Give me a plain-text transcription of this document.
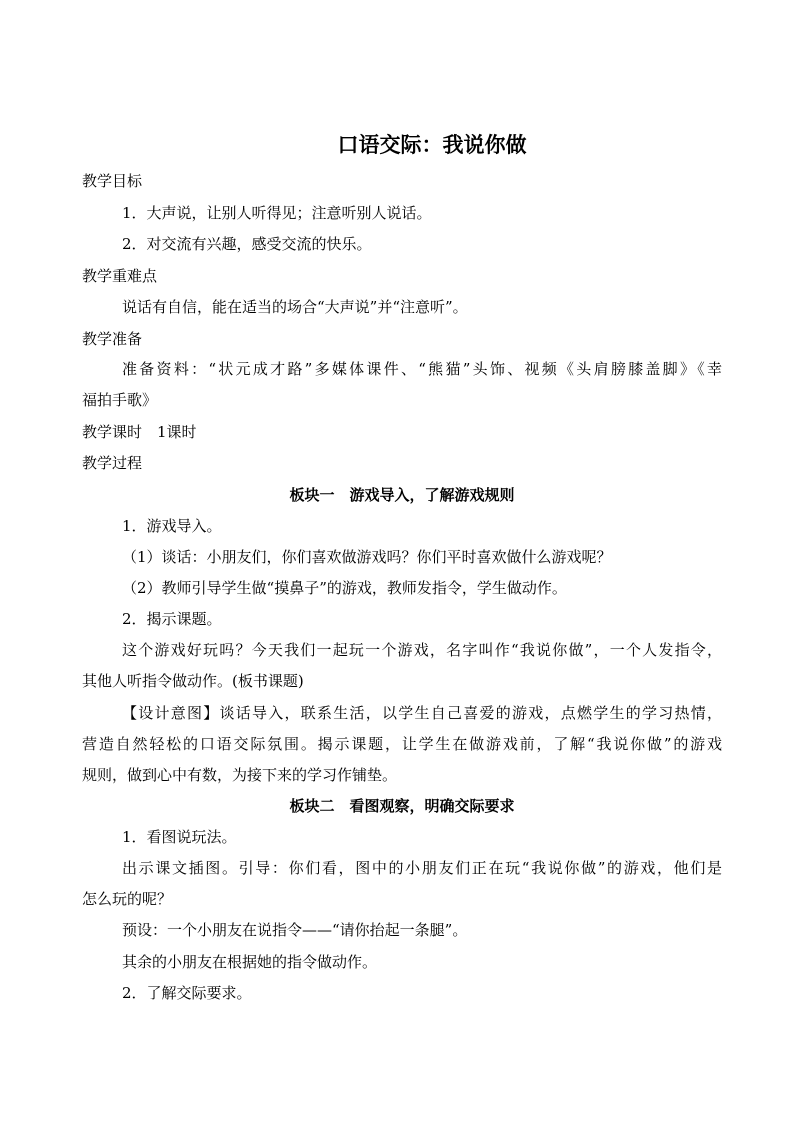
口语交际：我说你做
教学目标
1．大声说，让别人听得见；注意听别人说话。
2．对交流有兴趣，感受交流的快乐。
教学重难点
说话有自信，能在适当的场合“大声说”并“注意听”。
教学准备
准备资料：“状元成才路”多媒体课件、“熊猫”头饰、视频《头肩膀膝盖脚》《幸
福拍手歌》
教学课时　1课时
教学过程
板块一　游戏导入，了解游戏规则
1．游戏导入。
（1）谈话：小朋友们，你们喜欢做游戏吗？你们平时喜欢做什么游戏呢？
（2）教师引导学生做“摸鼻子”的游戏，教师发指令，学生做动作。
2．揭示课题。
这个游戏好玩吗？今天我们一起玩一个游戏，名字叫作“我说你做”，一个人发指令，
其他人听指令做动作。(板书课题)
【设计意图】谈话导入，联系生活，以学生自己喜爱的游戏，点燃学生的学习热情，
营造自然轻松的口语交际氛围。揭示课题，让学生在做游戏前，了解“我说你做”的游戏
规则，做到心中有数，为接下来的学习作铺垫。
板块二　看图观察，明确交际要求
1．看图说玩法。
出示课文插图。引导：你们看，图中的小朋友们正在玩“我说你做”的游戏，他们是
怎么玩的呢？
预设：一个小朋友在说指令——“请你抬起一条腿”。
其余的小朋友在根据她的指令做动作。
2．了解交际要求。
